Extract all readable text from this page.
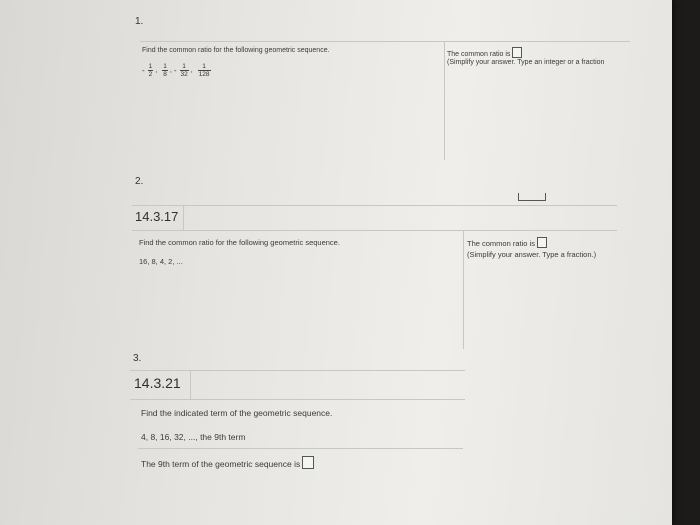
1.
Find the common ratio for the following geometric sequence.
- $\frac{1}{2}$ , $\frac{1}{8}$ , - $\frac{1}{32}$ , $\frac{1}{128}$
The common ratio is
(Simplify your answer. Type an integer or a fraction
2.
14.3.17
Find the common ratio for the following geometric sequence.
16, 8, 4, 2, ...
The common ratio is
(Simplify your answer. Type a fraction.)
3.
14.3.21
Find the indicated term of the geometric sequence.
4, 8, 16, 32, ..., the 9th term
The 9th term of the geometric sequence is
